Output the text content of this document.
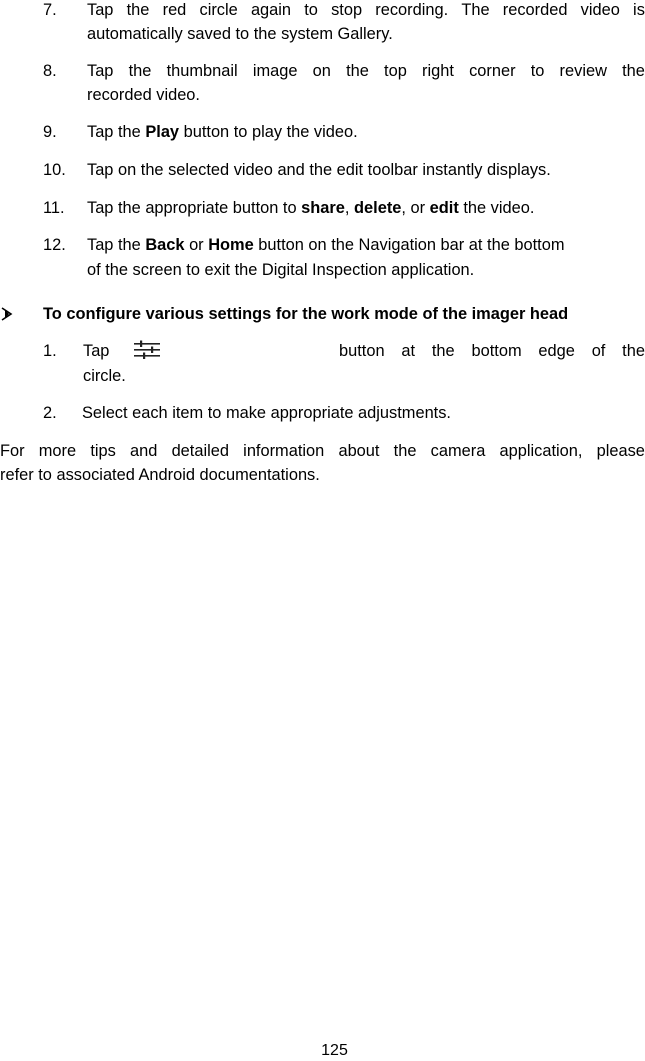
7. Tap the red circle again to stop recording. The recorded video is
automatically saved to the system Gallery.
8. Tap the thumbnail image on the top right corner to review the
recorded video.
9. Tap the Play button to play the video.
10. Tap on the selected video and the edit toolbar instantly displays.
11. Tap the appropriate button to share, delete, or edit the video.
12. Tap the Back or Home button on the Navigation bar at the bottom
of the screen to exit the Digital Inspection application.
To configure various settings for the work mode of the imager head
1. Tap	button at the bottom edge of the
circle.
2. Select each item to make appropriate adjustments.
For more tips and detailed information about the camera application, please
refer to associated Android documentations.
125
